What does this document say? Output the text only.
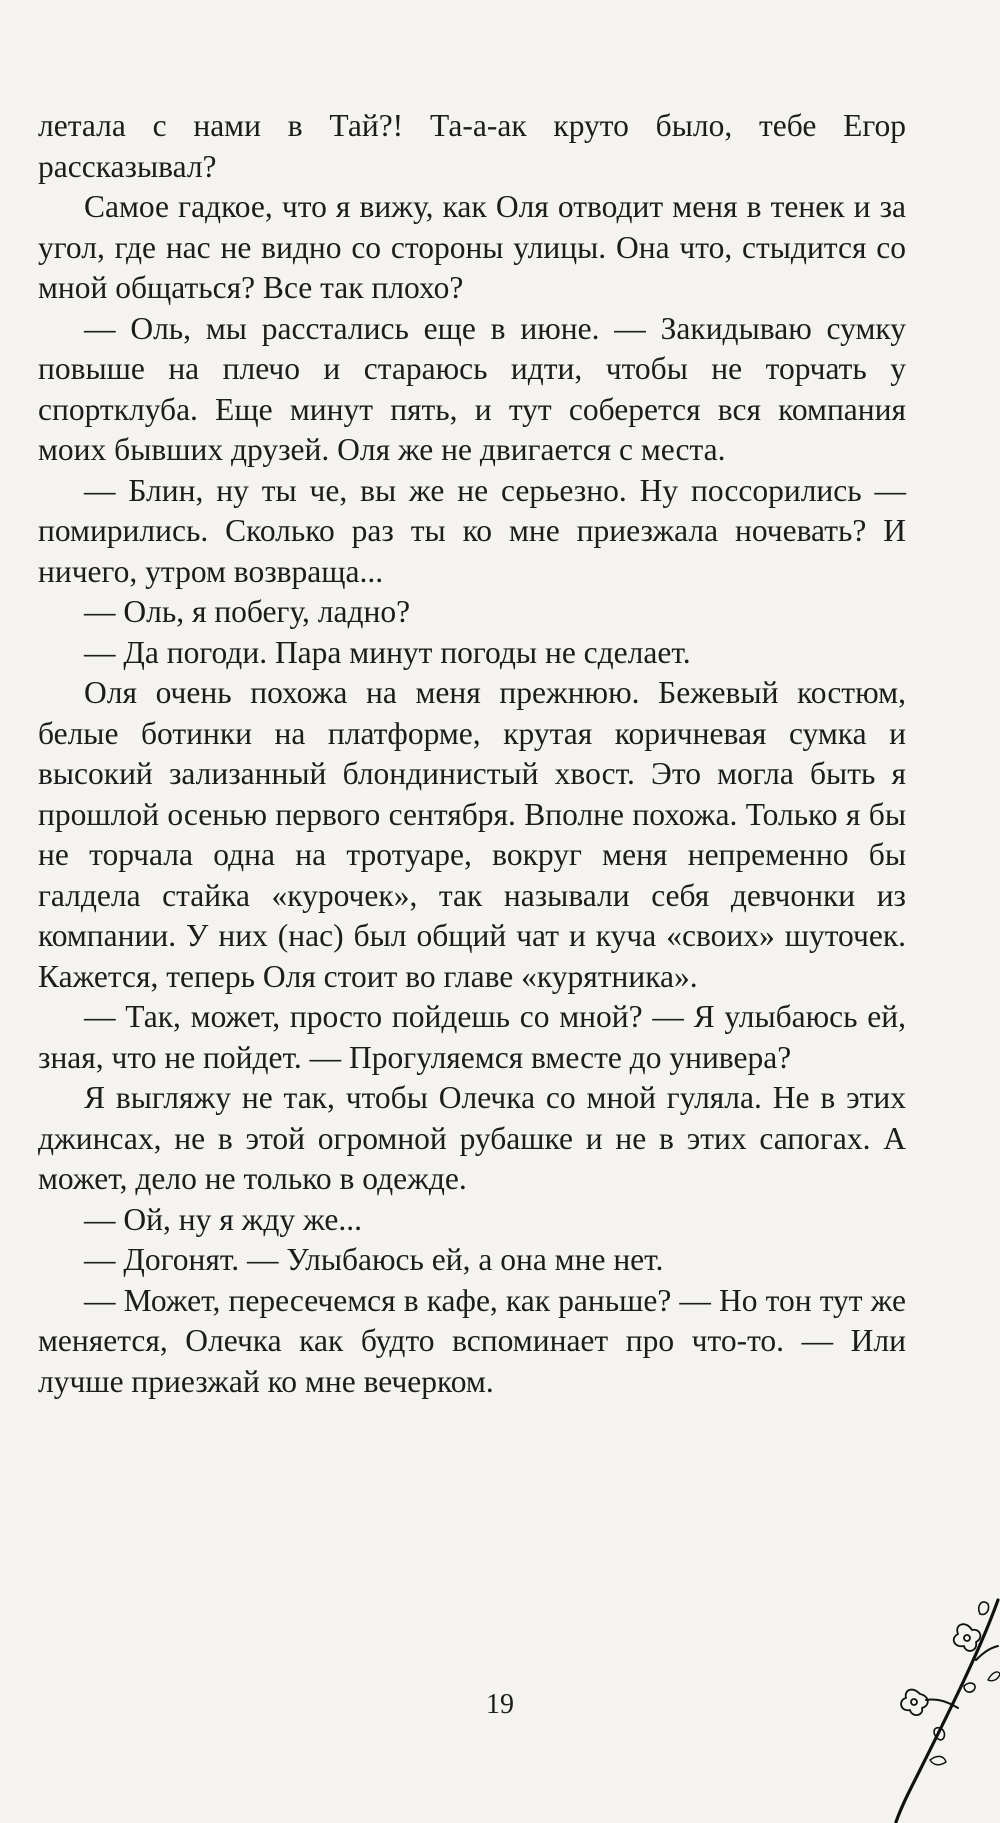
летала с нами в Тай?! Та-а-ак круто было, тебе Егор рассказывал?

Самое гадкое, что я вижу, как Оля отводит меня в тенек и за угол, где нас не видно со стороны улицы. Она что, стыдится со мной общаться? Все так плохо?

— Оль, мы расстались еще в июне. — Закидываю сумку повыше на плечо и стараюсь идти, чтобы не торчать у спортклуба. Еще минут пять, и тут соберется вся компания моих бывших друзей. Оля же не двигается с места.

— Блин, ну ты че, вы же не серьезно. Ну поссорились — помирились. Сколько раз ты ко мне приезжала ночевать? И ничего, утром возвраща...

— Оль, я побегу, ладно?

— Да погоди. Пара минут погоды не сделает.

Оля очень похожа на меня прежнюю. Бежевый костюм, белые ботинки на платформе, крутая коричневая сумка и высокий зализанный блондинистый хвост. Это могла быть я прошлой осенью первого сентября. Вполне похожа. Только я бы не торчала одна на тротуаре, вокруг меня непременно бы галдела стайка «курочек», так называли себя девчонки из компании. У них (нас) был общий чат и куча «своих» шуточек. Кажется, теперь Оля стоит во главе «курятника».

— Так, может, просто пойдешь со мной? — Я улыбаюсь ей, зная, что не пойдет. — Прогуляемся вместе до универа?

Я выгляжу не так, чтобы Олечка со мной гуляла. Не в этих джинсах, не в этой огромной рубашке и не в этих сапогах. А может, дело не только в одежде.

— Ой, ну я жду же...

— Догонят. — Улыбаюсь ей, а она мне нет.

— Может, пересечемся в кафе, как раньше? — Но тон тут же меняется, Олечка как будто вспоминает про что-то. — Или лучше приезжай ко мне вечерком.

19
